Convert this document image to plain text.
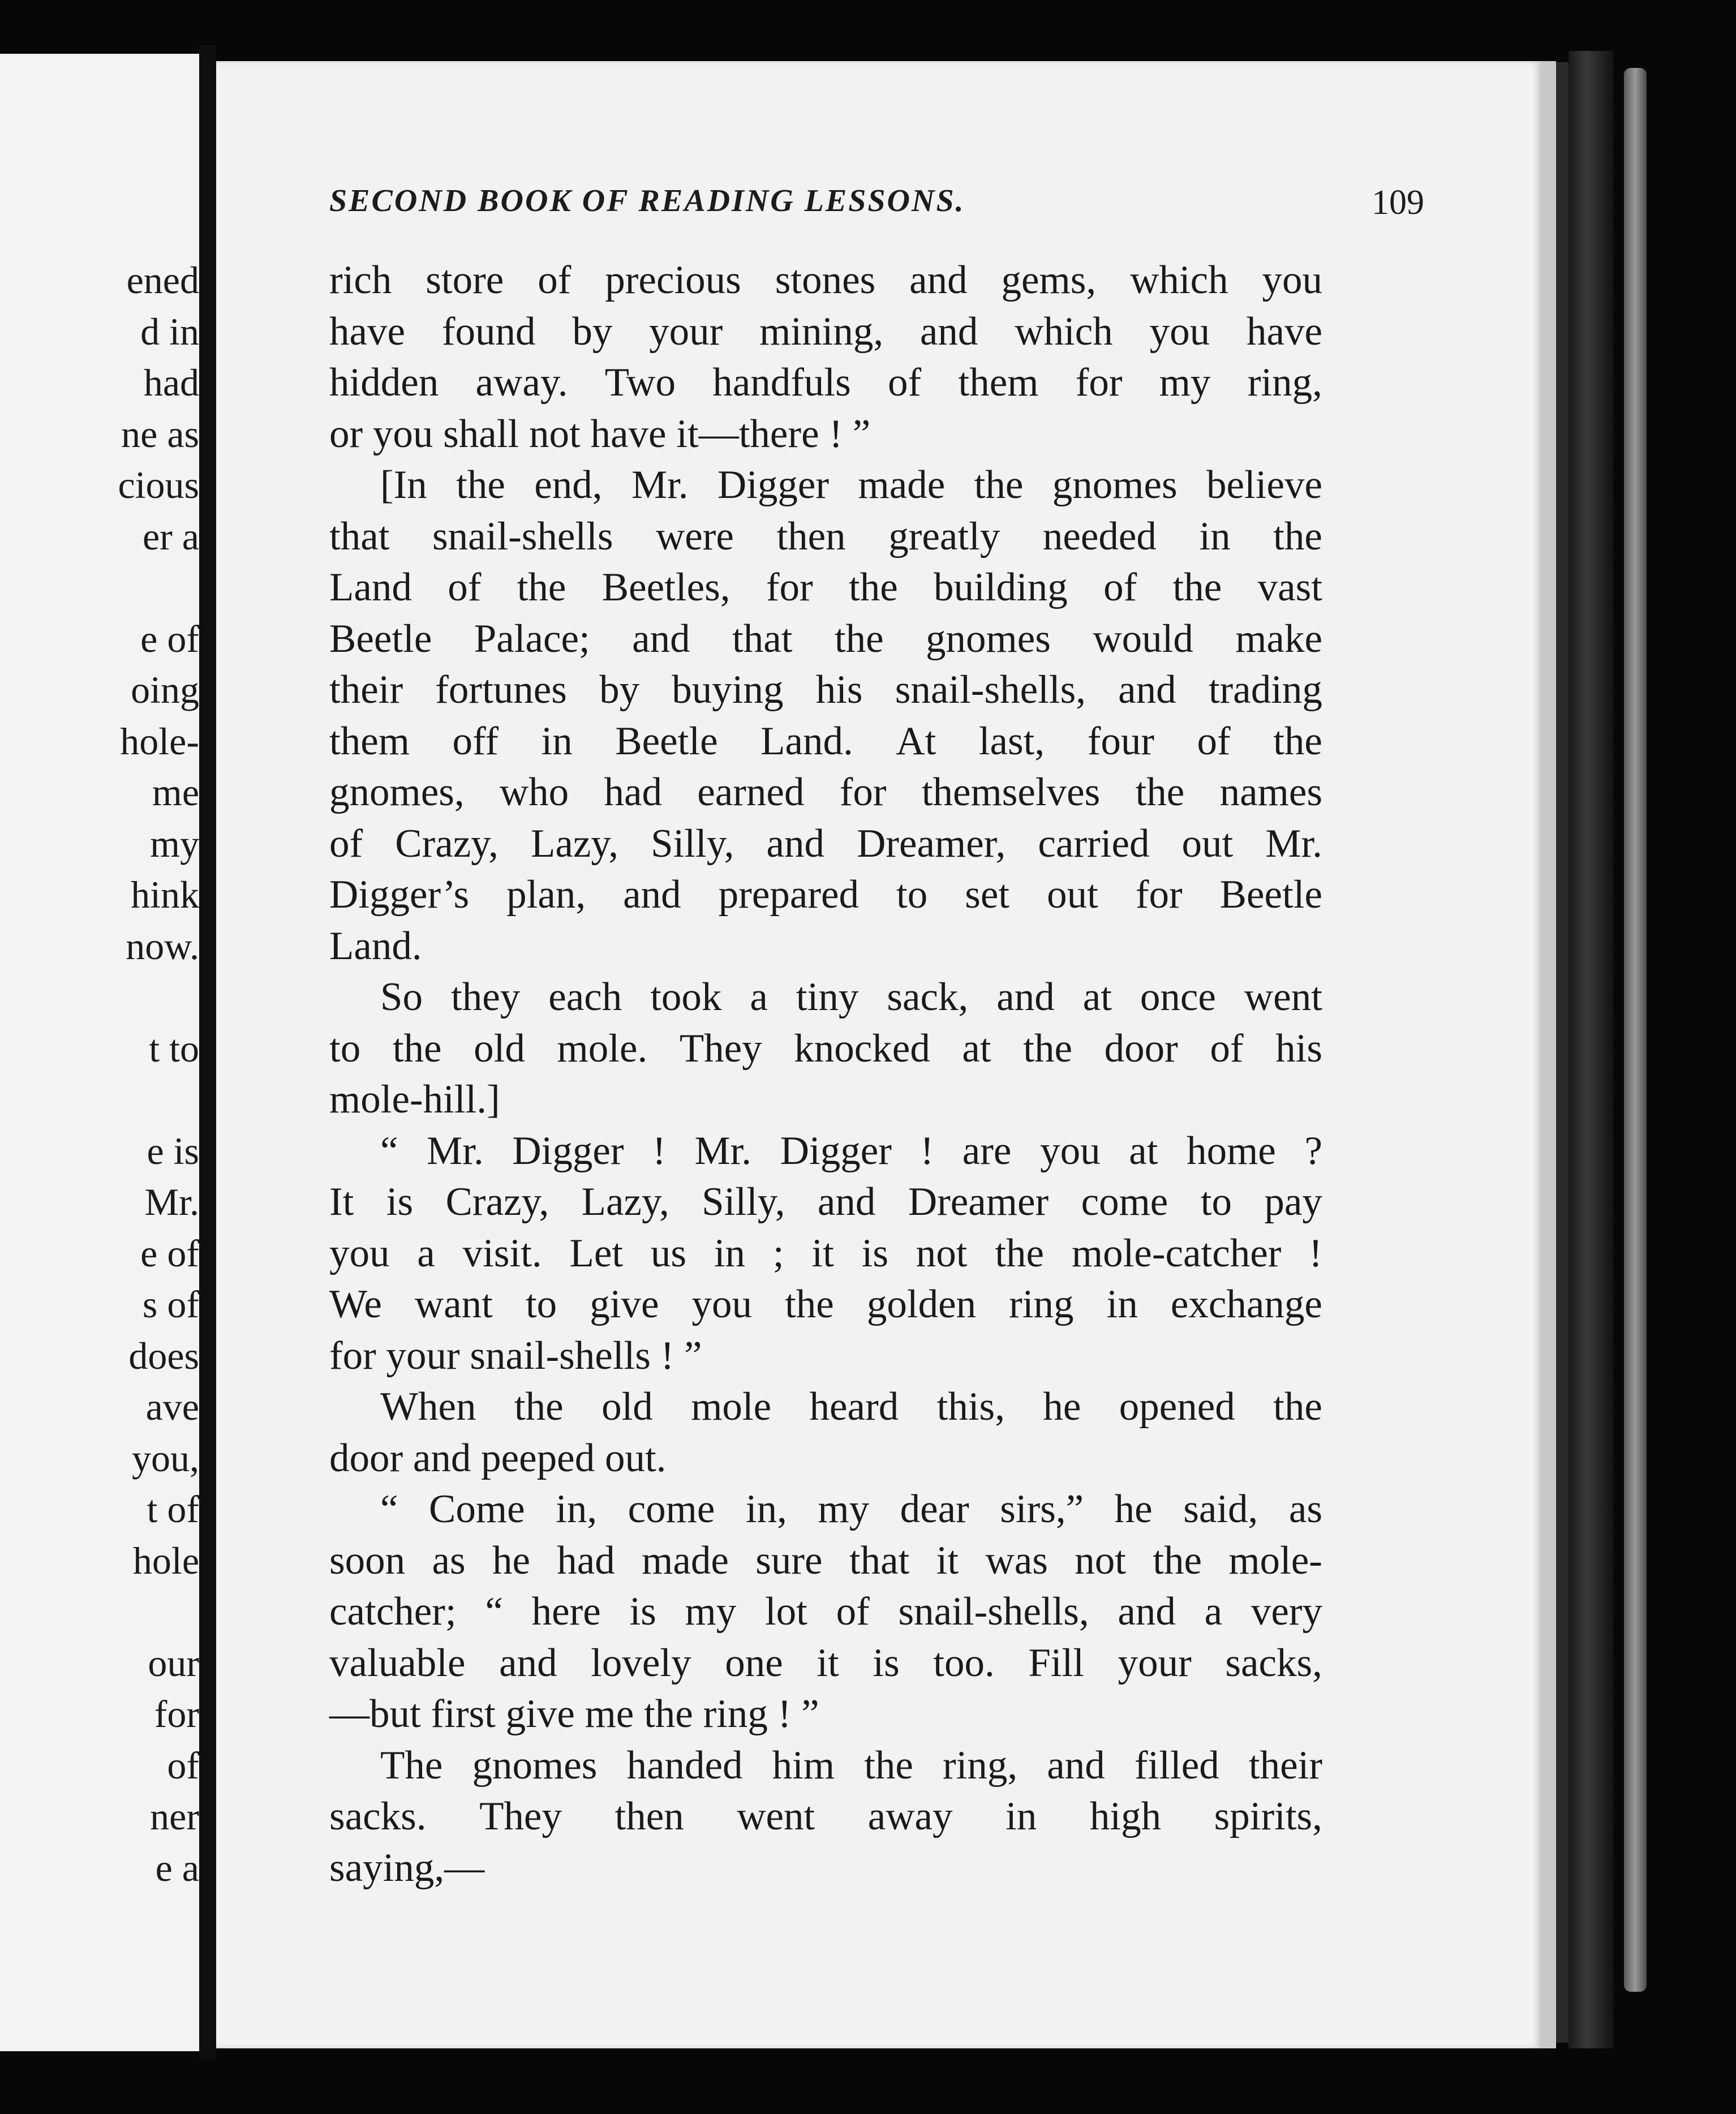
ened
d in
had
ne as
cious
er a
e of
oing
hole-
me
my
hink
now.
t to
e is
Mr.
e of
s of
does
ave
you,
t of
hole
our
for
of
ner
e a
SECOND BOOK OF READING LESSONS.	109
rich store of precious stones and gems, which you
have found by your mining, and which you have
hidden away. Two handfuls of them for my ring,
or you shall not have it––there ! ”
[In the end, Mr. Digger made the gnomes believe
that snail-shells were then greatly needed in the
Land of the Beetles, for the building of the vast
Beetle Palace; and that the gnomes would make
their fortunes by buying his snail-shells, and trading
them off in Beetle Land. At last, four of the
gnomes, who had earned for themselves the names
of Crazy, Lazy, Silly, and Dreamer, carried out Mr.
Digger’s plan, and prepared to set out for Beetle
Land.
So they each took a tiny sack, and at once went
to the old mole. They knocked at the door of his
mole-hill.]
“ Mr. Digger ! Mr. Digger ! are you at home ?
It is Crazy, Lazy, Silly, and Dreamer come to pay
you a visit. Let us in ; it is not the mole-catcher !
We want to give you the golden ring in exchange
for your snail-shells ! ”
When the old mole heard this, he opened the
door and peeped out.
“ Come in, come in, my dear sirs,” he said, as
soon as he had made sure that it was not the mole-
catcher; “ here is my lot of snail-shells, and a very
valuable and lovely one it is too. Fill your sacks,
—but first give me the ring ! ”
The gnomes handed him the ring, and filled their
sacks. They then went away in high spirits,
saying,—
